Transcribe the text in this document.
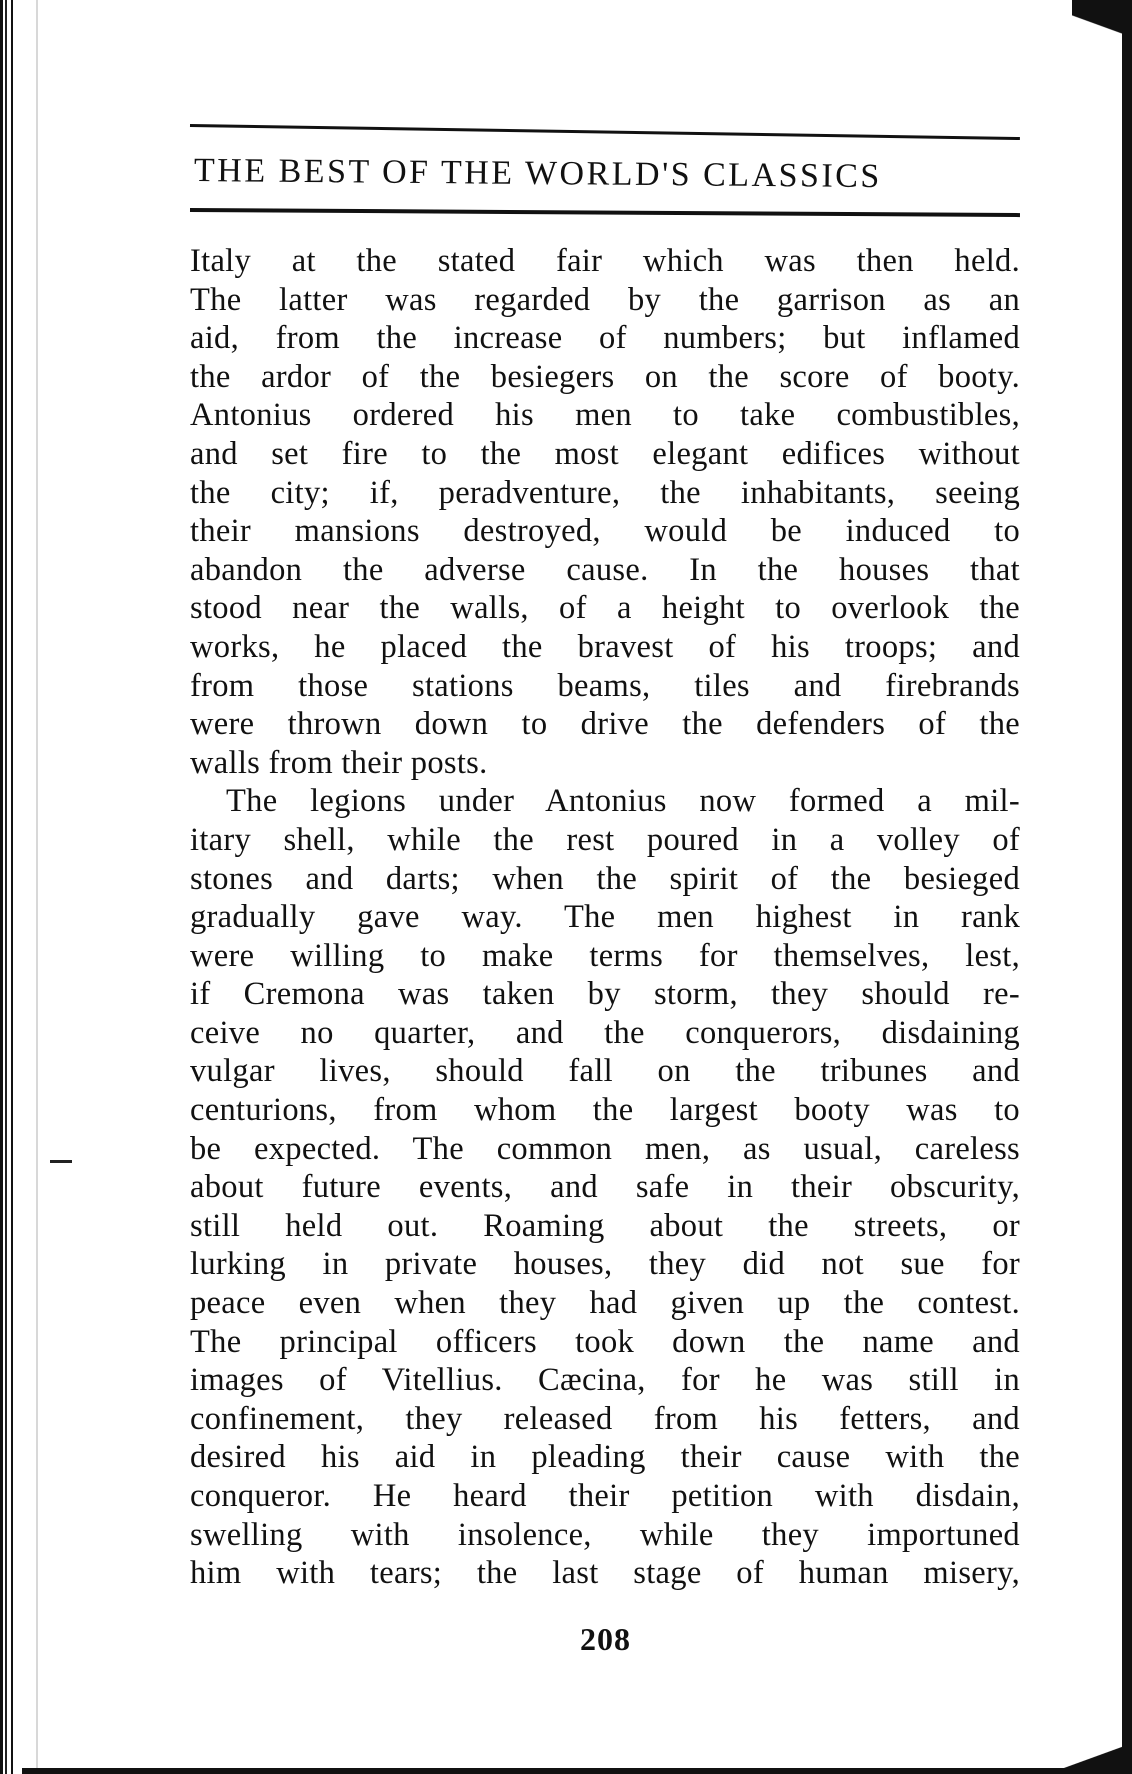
THE BEST OF THE WORLD'S CLASSICS
Italy at the stated fair which was then held.
The latter was regarded by the garrison as an
aid, from the increase of numbers; but inflamed
the ardor of the besiegers on the score of booty.
Antonius ordered his men to take combustibles,
and set fire to the most elegant edifices without
the city; if, peradventure, the inhabitants, seeing
their mansions destroyed, would be induced to
abandon the adverse cause. In the houses that
stood near the walls, of a height to overlook the
works, he placed the bravest of his troops; and
from those stations beams, tiles and firebrands
were thrown down to drive the defenders of the
walls from their posts.
The legions under Antonius now formed a mil-
itary shell, while the rest poured in a volley of
stones and darts; when the spirit of the besieged
gradually gave way. The men highest in rank
were willing to make terms for themselves, lest,
if Cremona was taken by storm, they should re-
ceive no quarter, and the conquerors, disdaining
vulgar lives, should fall on the tribunes and
centurions, from whom the largest booty was to
be expected. The common men, as usual, careless
about future events, and safe in their obscurity,
still held out. Roaming about the streets, or
lurking in private houses, they did not sue for
peace even when they had given up the contest.
The principal officers took down the name and
images of Vitellius. Cæcina, for he was still in
confinement, they released from his fetters, and
desired his aid in pleading their cause with the
conqueror. He heard their petition with disdain,
swelling with insolence, while they importuned
him with tears; the last stage of human misery,
208
